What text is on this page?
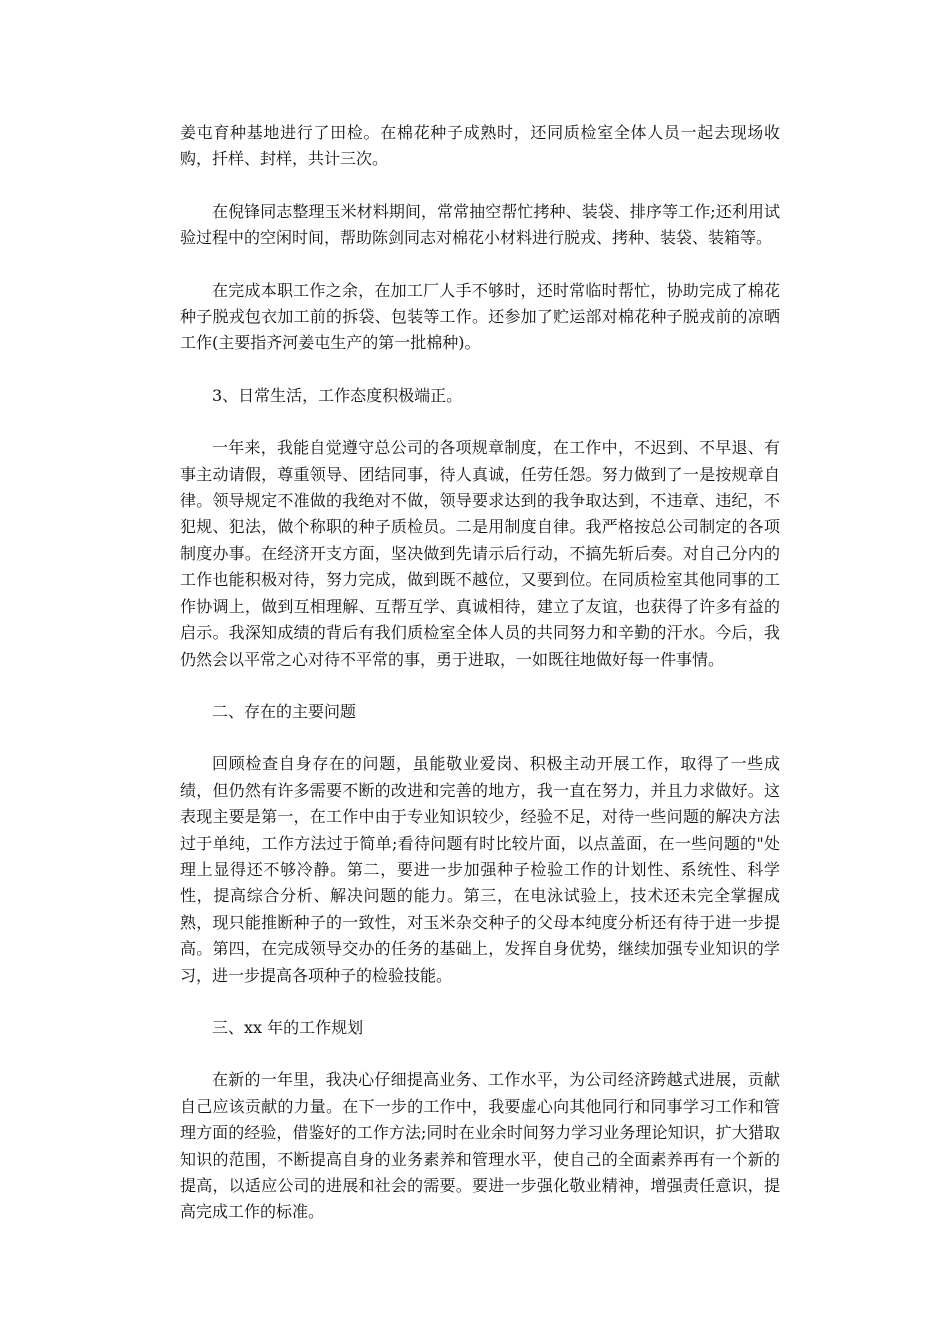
姜屯育种基地进行了田检。在棉花种子成熟时，还同质检室全体人员一起去现场收购，扦样、封样，共计三次。

在倪锋同志整理玉米材料期间，常常抽空帮忙拷种、装袋、排序等工作;还利用试验过程中的空闲时间，帮助陈剑同志对棉花小材料进行脱戎、拷种、装袋、装箱等。

在完成本职工作之余，在加工厂人手不够时，还时常临时帮忙，协助完成了棉花种子脱戎包衣加工前的拆袋、包装等工作。还参加了贮运部对棉花种子脱戎前的凉晒工作(主要指齐河姜屯生产的第一批棉种)。

3、日常生活，工作态度积极端正。

一年来，我能自觉遵守总公司的各项规章制度，在工作中，不迟到、不早退、有事主动请假，尊重领导、团结同事，待人真诚，任劳任怨。努力做到了一是按规章自律。领导规定不准做的我绝对不做，领导要求达到的我争取达到，不违章、违纪，不犯规、犯法，做个称职的种子质检员。二是用制度自律。我严格按总公司制定的各项制度办事。在经济开支方面，坚决做到先请示后行动，不搞先斩后奏。对自己分内的工作也能积极对待，努力完成，做到既不越位，又要到位。在同质检室其他同事的工作协调上，做到互相理解、互帮互学、真诚相待，建立了友谊，也获得了许多有益的启示。我深知成绩的背后有我们质检室全体人员的共同努力和辛勤的汗水。今后，我仍然会以平常之心对待不平常的事，勇于进取，一如既往地做好每一件事情。

二、存在的主要问题

回顾检查自身存在的问题，虽能敬业爱岗、积极主动开展工作，取得了一些成绩，但仍然有许多需要不断的改进和完善的地方，我一直在努力，并且力求做好。这表现主要是第一，在工作中由于专业知识较少，经验不足，对待一些问题的解决方法过于单纯，工作方法过于简单;看待问题有时比较片面，以点盖面，在一些问题的"处理上显得还不够冷静。第二，要进一步加强种子检验工作的计划性、系统性、科学性，提高综合分析、解决问题的能力。第三，在电泳试验上，技术还未完全掌握成熟，现只能推断种子的一致性，对玉米杂交种子的父母本纯度分析还有待于进一步提高。第四，在完成领导交办的任务的基础上，发挥自身优势，继续加强专业知识的学习，进一步提高各项种子的检验技能。

三、xx 年的工作规划

在新的一年里，我决心仔细提高业务、工作水平，为公司经济跨越式进展，贡献自己应该贡献的力量。在下一步的工作中，我要虚心向其他同行和同事学习工作和管理方面的经验，借鉴好的工作方法;同时在业余时间努力学习业务理论知识，扩大猎取知识的范围，不断提高自身的业务素养和管理水平，使自己的全面素养再有一个新的提高，以适应公司的进展和社会的需要。要进一步强化敬业精神，增强责任意识，提高完成工作的标准。
